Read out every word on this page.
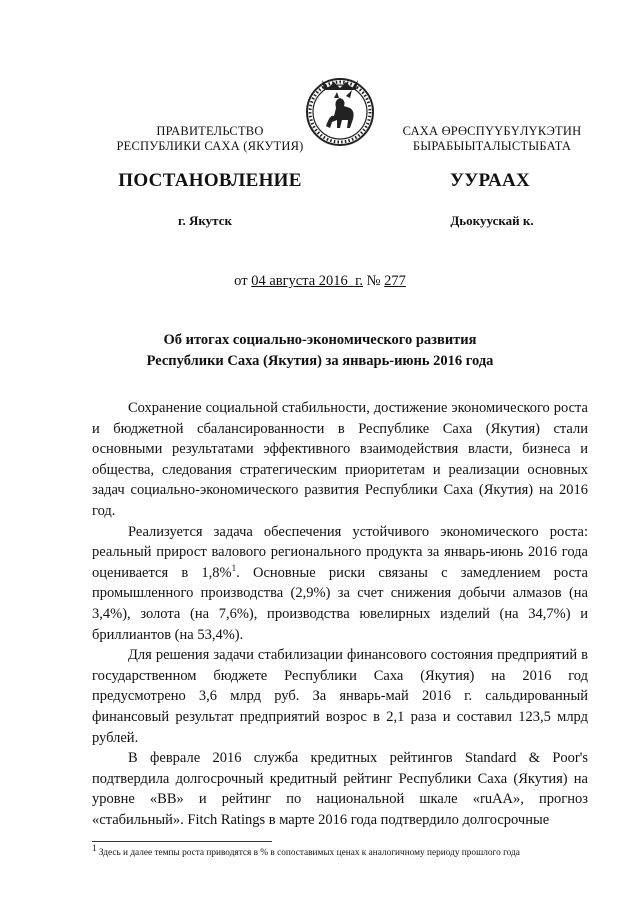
ПРАВИТЕЛЬСТВО
РЕСПУБЛИКИ САХА (ЯКУТИЯ)
САХА ӨРӨСПҮҮБҮЛҮКЭТИН
БЫРАБЫЫТАЛЫСТЫБАТА
ПОСТАНОВЛЕНИЕ	УУРААХ
г. Якутск	Дьокуускай к.
от 04 августа 2016 г. № 277
Об итогах социально-экономического развития
Республики Саха (Якутия) за январь-июнь 2016 года

Сохранение социальной стабильности, достижение экономического роста и бюджетной сбалансированности в Республике Саха (Якутия) стали основными результатами эффективного взаимодействия власти, бизнеса и общества, следования стратегическим приоритетам и реализации основных задач социально-экономического развития Республики Саха (Якутия) на 2016 год.

Реализуется задача обеспечения устойчивого экономического роста: реальный прирост валового регионального продукта за январь-июнь 2016 года оценивается в 1,8%$^1$. Основные риски связаны с замедлением роста промышленного производства (2,9%) за счет снижения добычи алмазов (на 3,4%), золота (на 7,6%), производства ювелирных изделий (на 34,7%) и бриллиантов (на 53,4%).

Для решения задачи стабилизации финансового состояния предприятий в государственном бюджете Республики Саха (Якутия) на 2016 год предусмотрено 3,6 млрд руб. За январь-май 2016 г. сальдированный финансовый результат предприятий возрос в 2,1 раза и составил 123,5 млрд рублей.

В феврале 2016 служба кредитных рейтингов Standard & Poor's подтвердила долгосрочный кредитный рейтинг Республики Саха (Якутия) на уровне «BB» и рейтинг по национальной шкале «ruAA», прогноз «стабильный». Fitch Ratings в марте 2016 года подтвердило долгосрочные

$^1$ Здесь и далее темпы роста приводятся в % в сопоставимых ценах к аналогичному периоду прошлого года
